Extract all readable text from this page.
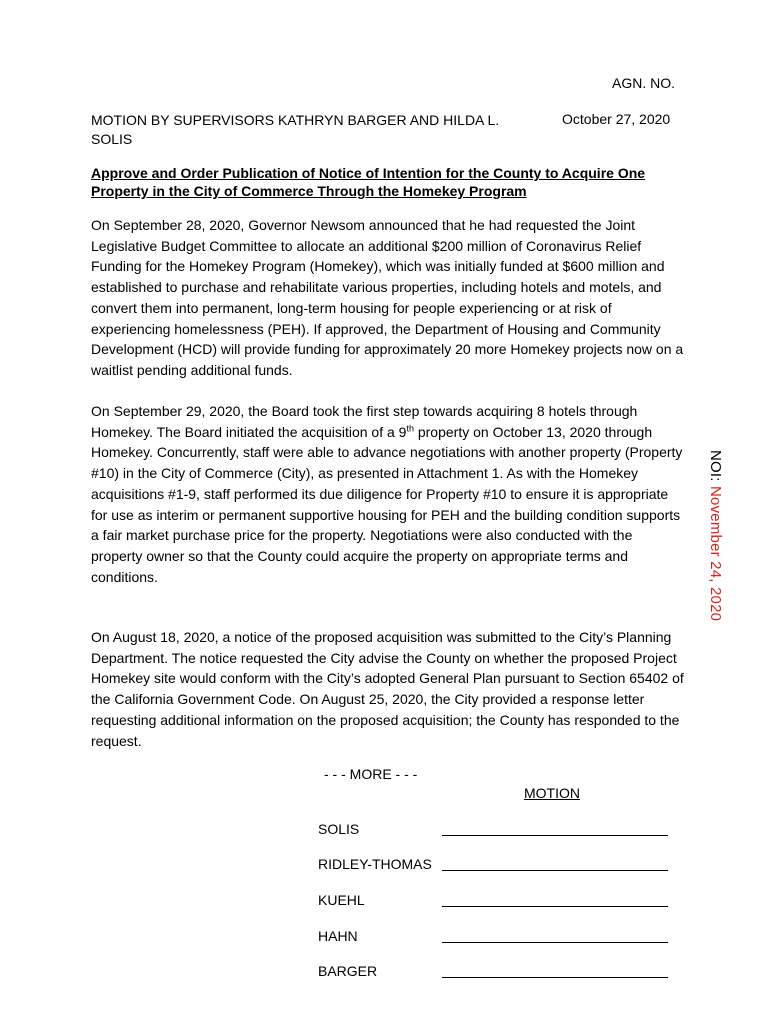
AGN. NO.
MOTION BY SUPERVISORS KATHRYN BARGER AND HILDA L. SOLIS
October 27, 2020
Approve and Order Publication of Notice of Intention for the County to Acquire One Property in the City of Commerce Through the Homekey Program
On September 28, 2020, Governor Newsom announced that he had requested the Joint Legislative Budget Committee to allocate an additional $200 million of Coronavirus Relief Funding for the Homekey Program (Homekey), which was initially funded at $600 million and established to purchase and rehabilitate various properties, including hotels and motels, and convert them into permanent, long-term housing for people experiencing or at risk of experiencing homelessness (PEH). If approved, the Department of Housing and Community Development (HCD) will provide funding for approximately 20 more Homekey projects now on a waitlist pending additional funds.
On September 29, 2020, the Board took the first step towards acquiring 8 hotels through Homekey. The Board initiated the acquisition of a 9th property on October 13, 2020 through Homekey. Concurrently, staff were able to advance negotiations with another property (Property #10) in the City of Commerce (City), as presented in Attachment 1. As with the Homekey acquisitions #1-9, staff performed its due diligence for Property #10 to ensure it is appropriate for use as interim or permanent supportive housing for PEH and the building condition supports a fair market purchase price for the property. Negotiations were also conducted with the property owner so that the County could acquire the property on appropriate terms and conditions.
On August 18, 2020, a notice of the proposed acquisition was submitted to the City’s Planning Department. The notice requested the City advise the County on whether the proposed Project Homekey site would conform with the City’s adopted General Plan pursuant to Section 65402 of the California Government Code. On August 25, 2020, the City provided a response letter requesting additional information on the proposed acquisition; the County has responded to the request.
- - - MORE - - -
MOTION
SOLIS
RIDLEY-THOMAS
KUEHL
HAHN
BARGER
NOI: November 24, 2020
